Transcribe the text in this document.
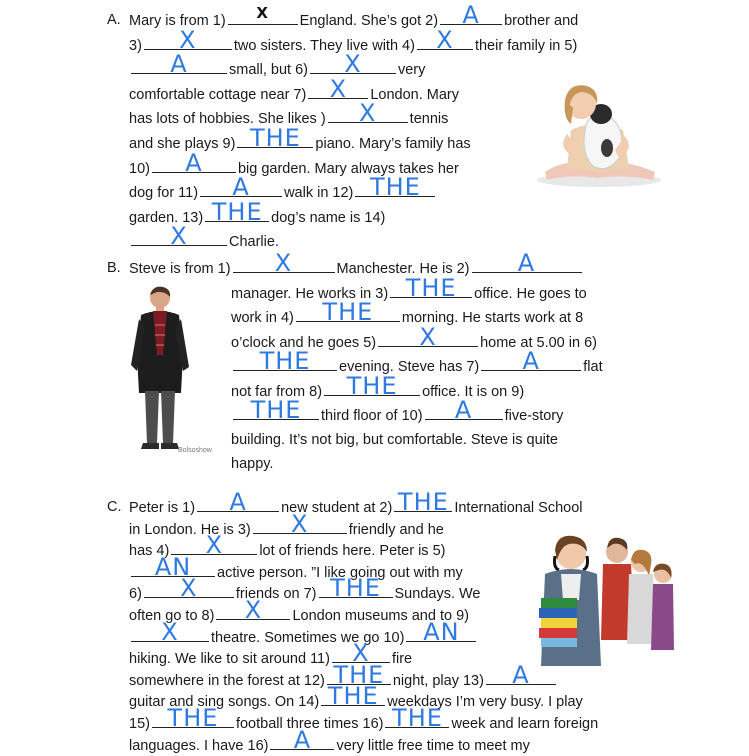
A.
B.
C.
Mary is from 1)	X	England. She’s got 2)	A	brother and
3)	X	two sisters. They live with 4) X	their family in 5)
A	small, but 6)	X	very
comfortable cottage near 7) X	London. Mary
has lots of hobbies. She likes )	X	tennis
and she plays 9) THE	piano. Mary’s family has
10)	A	big garden. Mary always takes her
dog for 11)	A	walk in 12) THE
garden. 13) THE dog’s name is 14)
X	Charlie.
Steve is from 1)	X	Manchester. He is 2)	A
manager. He works in 3) THE	office. He goes to
work in 4)	THE	morning. He starts work at 8
o’clock and he goes 5)	X	home at 5.00 in 6)
THE	evening. Steve has 7)	A	flat
not far from 8)	THE	office. It is on 9)
THE	third floor of 10)	A	five-story
building. It’s not big, but comfortable. Steve is quite
happy.
Peter is 1)	A	new student at 2) THE International School
in London. He is 3)	X	friendly and he
has 4)	X	lot of friends here. Peter is 5)
AN	active person. ”I like going out with my
6)	X	friends on 7) THE Sundays. We
often go to 8)	X	London museums and to 9)
X	theatre. Sometimes we go 10) AN
hiking. We like to sit around 11) X	fire
somewhere in the forest at 12) THE night, play 13)	A
guitar and sing songs. On 14) THE weekdays I’m very busy. I play
15) THE	football three times 16) THE week and learn foreign
languages. I have 16)	A	very little free time to meet my
Bolsoshow
